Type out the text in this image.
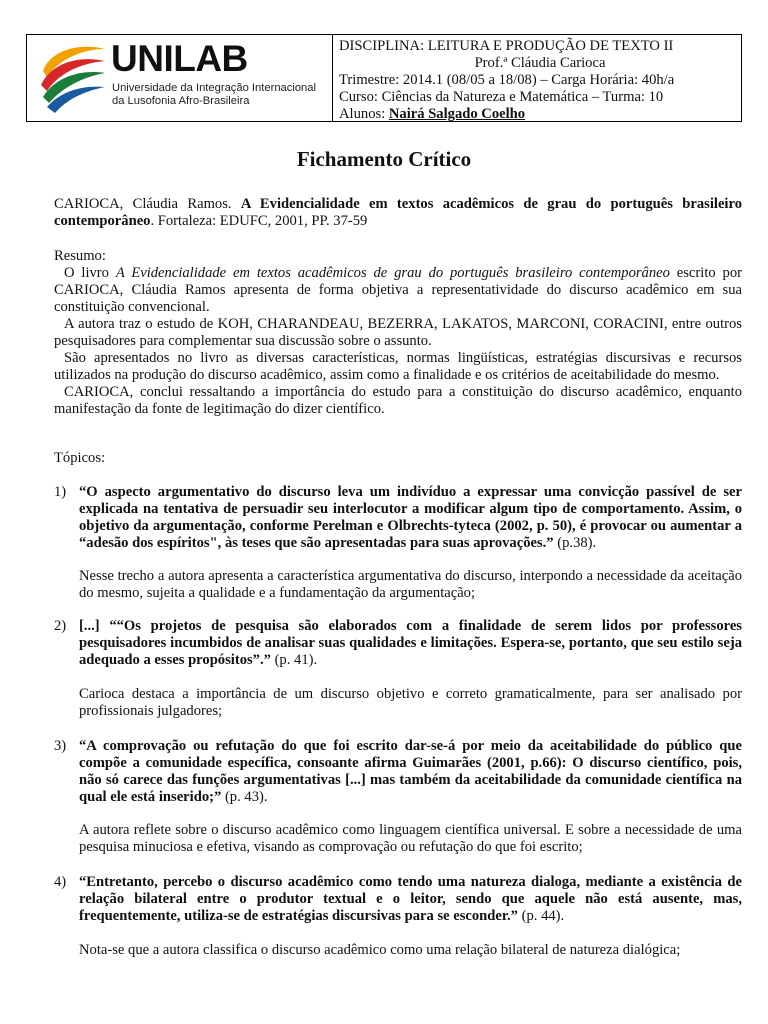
UNILAB
Universidade da Integração Internacional
da Lusofonia Afro-Brasileira
DISCIPLINA: LEITURA E PRODUÇÃO DE TEXTO II
Prof.ª Cláudia Carioca
Trimestre: 2014.1 (08/05 a 18/08) – Carga Horária: 40h/a
Curso: Ciências da Natureza e Matemática – Turma: 10
Alunos: Nairá Salgado Coelho
Fichamento Crítico
CARIOCA, Cláudia Ramos. A Evidencialidade em textos acadêmicos de grau do português brasileiro contemporâneo. Fortaleza: EDUFC, 2001, PP. 37-59

Resumo:

O livro A Evidencialidade em textos acadêmicos de grau do português brasileiro contemporâneo escrito por CARIOCA, Cláudia Ramos apresenta de forma objetiva a representatividade do discurso acadêmico em sua constituição convencional.

A autora traz o estudo de KOH, CHARANDEAU, BEZERRA, LAKATOS, MARCONI, CORACINI, entre outros pesquisadores para complementar sua discussão sobre o assunto.

São apresentados no livro as diversas características, normas lingüísticas, estratégias discursivas e recursos utilizados na produção do discurso acadêmico, assim como a finalidade e os critérios de aceitabilidade do mesmo.

CARIOCA, conclui ressaltando a importância do estudo para a constituição do discurso acadêmico, enquanto manifestação da fonte de legitimação do dizer científico.

Tópicos:
1) “O aspecto argumentativo do discurso leva um indivíduo a expressar uma convicção passível de ser explicada na tentativa de persuadir seu interlocutor a modificar algum tipo de comportamento. Assim, o objetivo da argumentação, conforme Perelman e Olbrechts-tyteca (2002, p. 50), é provocar ou aumentar a “adesão dos espíritos", às teses que são apresentadas para suas aprovações.” (p.38).

Nesse trecho a autora apresenta a característica argumentativa do discurso, interpondo a necessidade da aceitação do mesmo, sujeita a qualidade e a fundamentação da argumentação;
2) [...] ““Os projetos de pesquisa são elaborados com a finalidade de serem lidos por professores pesquisadores incumbidos de analisar suas qualidades e limitações. Espera-se, portanto, que seu estilo seja adequado a esses propósitos”.” (p. 41).

Carioca destaca a importância de um discurso objetivo e correto gramaticalmente, para ser analisado por profissionais julgadores;
3) “A comprovação ou refutação do que foi escrito dar-se-á por meio da aceitabilidade do público que compõe a comunidade específica, consoante afirma Guimarães (2001, p.66): O discurso científico, pois, não só carece das funções argumentativas [...] mas também da aceitabilidade da comunidade científica na qual ele está inserido;” (p. 43).

A autora reflete sobre o discurso acadêmico como linguagem científica universal. E sobre a necessidade de uma pesquisa minuciosa e efetiva, visando as comprovação ou refutação do que foi escrito;
4) “Entretanto, percebo o discurso acadêmico como tendo uma natureza dialoga, mediante a existência de relação bilateral entre o produtor textual e o leitor, sendo que aquele não está ausente, mas, frequentemente, utiliza-se de estratégias discursivas para se esconder.” (p. 44).

Nota-se que a autora classifica o discurso acadêmico como uma relação bilateral de natureza dialógica;
